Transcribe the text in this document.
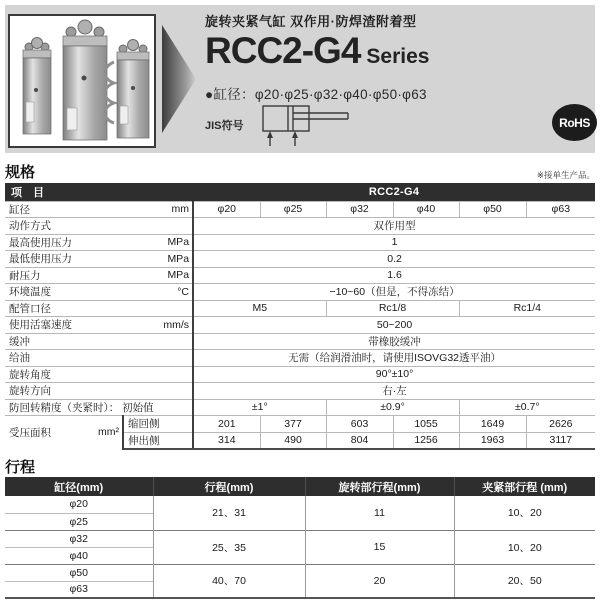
旋转夹紧气缸 双作用·防焊渣附着型
RCC2-G4 Series
●缸径：φ20·φ25·φ32·φ40·φ50·φ63
JIS符号	RoHS
规格	※接单生产品。
项 目		RCC2-G4					

缸径 mm		φ20	φ25	φ32	φ40	φ50	φ63

动作方式		双作用型					

最高使用压力 MPa		1					

最低使用压力 MPa		0.2					

耐压力 MPa		1.6					

环境温度 °C		−10~60（但是，不得冻结）					

配管口径		M5		Rc1/8		Rc1/4	

使用活塞速度 mm/s		50~200					

缓冲		带橡胶缓冲					

给油		无需（给润滑油时，请使用ISOVG32透平油）					

旋转角度		90°±10°					

旋转方向		右·左					

防回转精度（夹紧时）： 初始值		±1°		±0.9°		±0.7°	

受压面积 mm²	缩回侧	201	377	603	1055	1649	2626
	伸出侧	314	490	804	1256	1963	3117
行程
缸径(mm)	行程(mm)	旋转部行程(mm)	夹紧部行程 (mm)
φ20	21、31	11	10、20
φ25			
φ32	25、35	15	10、20
φ40			
φ50	40、70	20	20、50
φ63			
